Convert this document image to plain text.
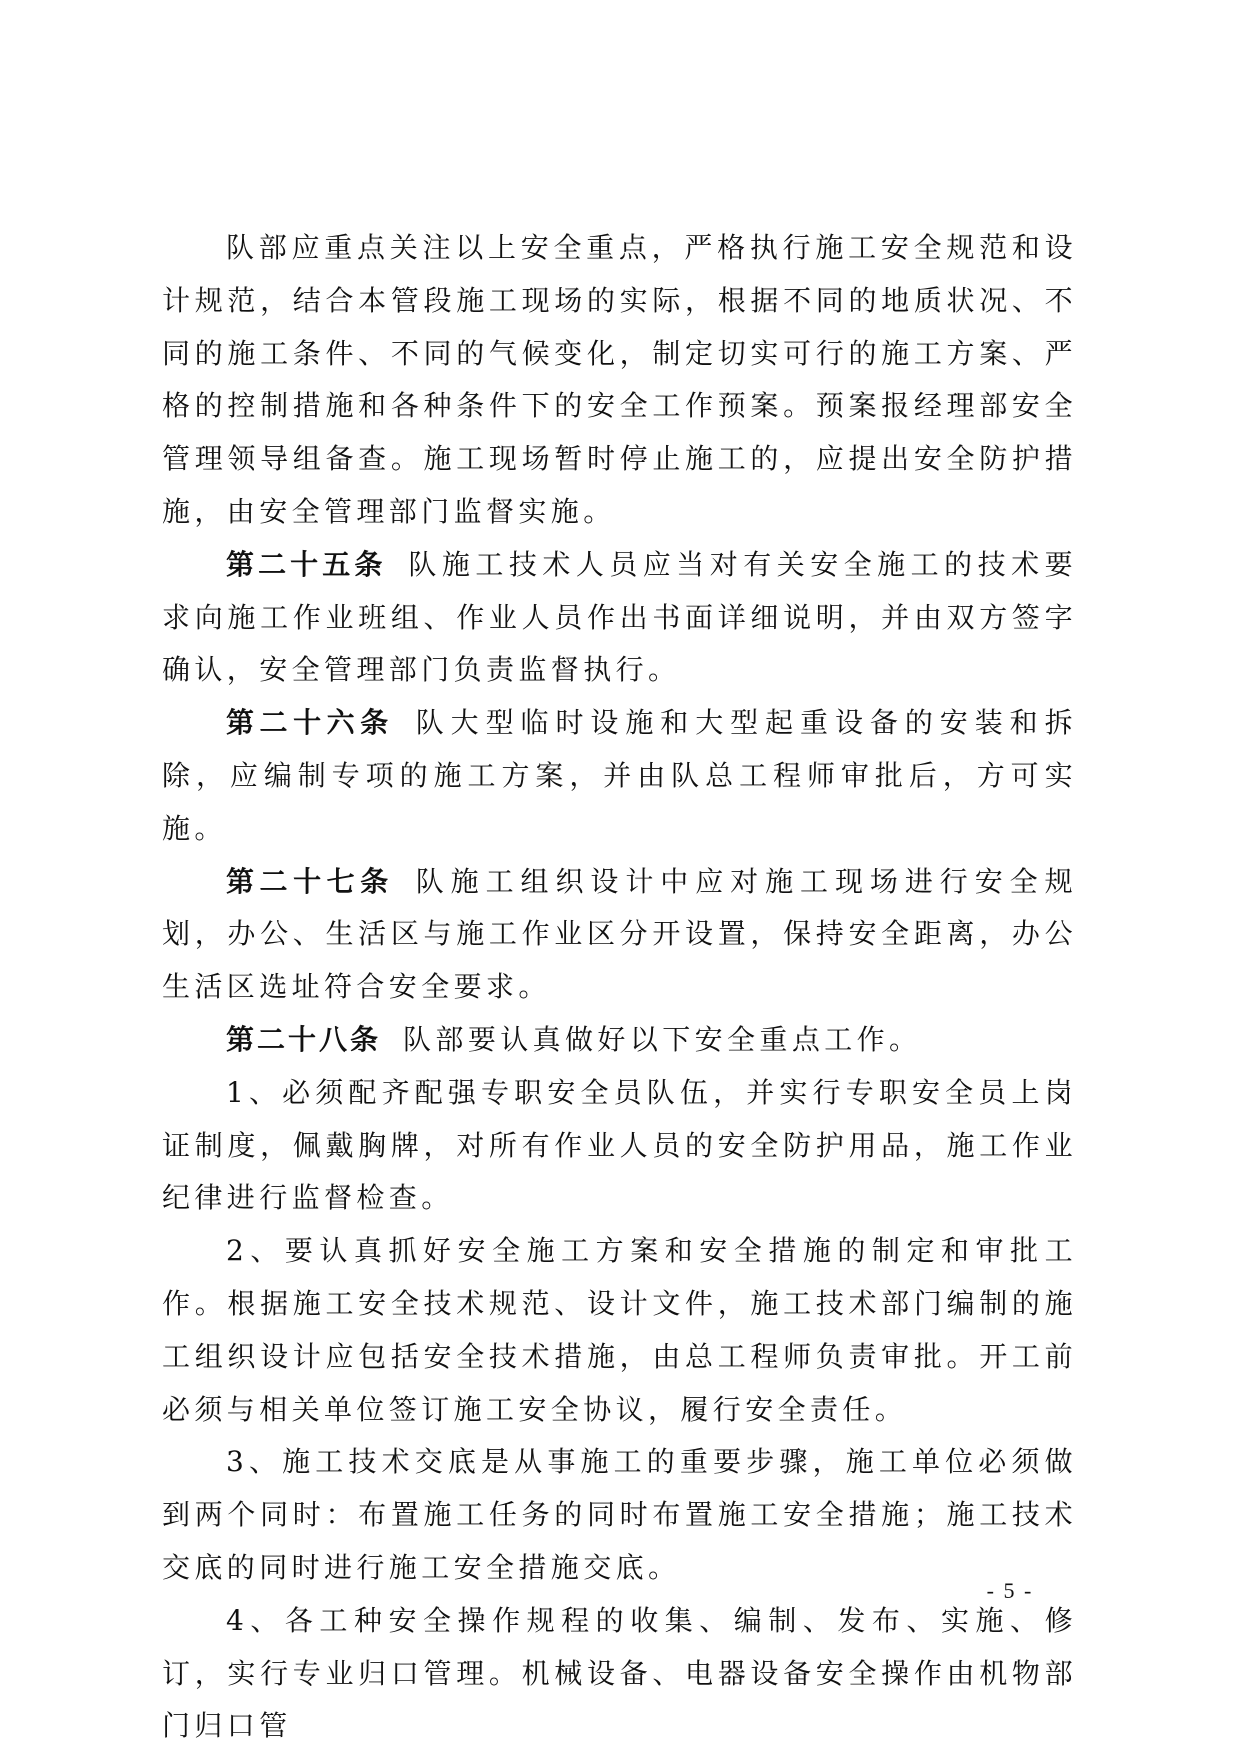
队部应重点关注以上安全重点，严格执行施工安全规范和设计规范，结合本管段施工现场的实际，根据不同的地质状况、不同的施工条件、不同的气候变化，制定切实可行的施工方案、严格的控制措施和各种条件下的安全工作预案。预案报经理部安全管理领导组备查。施工现场暂时停止施工的，应提出安全防护措施，由安全管理部门监督实施。

第二十五条 队施工技术人员应当对有关安全施工的技术要求向施工作业班组、作业人员作出书面详细说明，并由双方签字确认，安全管理部门负责监督执行。

第二十六条 队大型临时设施和大型起重设备的安装和拆除，应编制专项的施工方案，并由队总工程师审批后，方可实施。

第二十七条 队施工组织设计中应对施工现场进行安全规划，办公、生活区与施工作业区分开设置，保持安全距离，办公生活区选址符合安全要求。

第二十八条 队部要认真做好以下安全重点工作。

1、必须配齐配强专职安全员队伍，并实行专职安全员上岗证制度，佩戴胸牌，对所有作业人员的安全防护用品，施工作业纪律进行监督检查。

2、要认真抓好安全施工方案和安全措施的制定和审批工作。根据施工安全技术规范、设计文件，施工技术部门编制的施工组织设计应包括安全技术措施，由总工程师负责审批。开工前必须与相关单位签订施工安全协议，履行安全责任。

3、施工技术交底是从事施工的重要步骤，施工单位必须做到两个同时：布置施工任务的同时布置施工安全措施；施工技术交底的同时进行施工安全措施交底。

4、各工种安全操作规程的收集、编制、发布、实施、修订，实行专业归口管理。机械设备、电器设备安全操作由机物部门归口管

- 5 -
